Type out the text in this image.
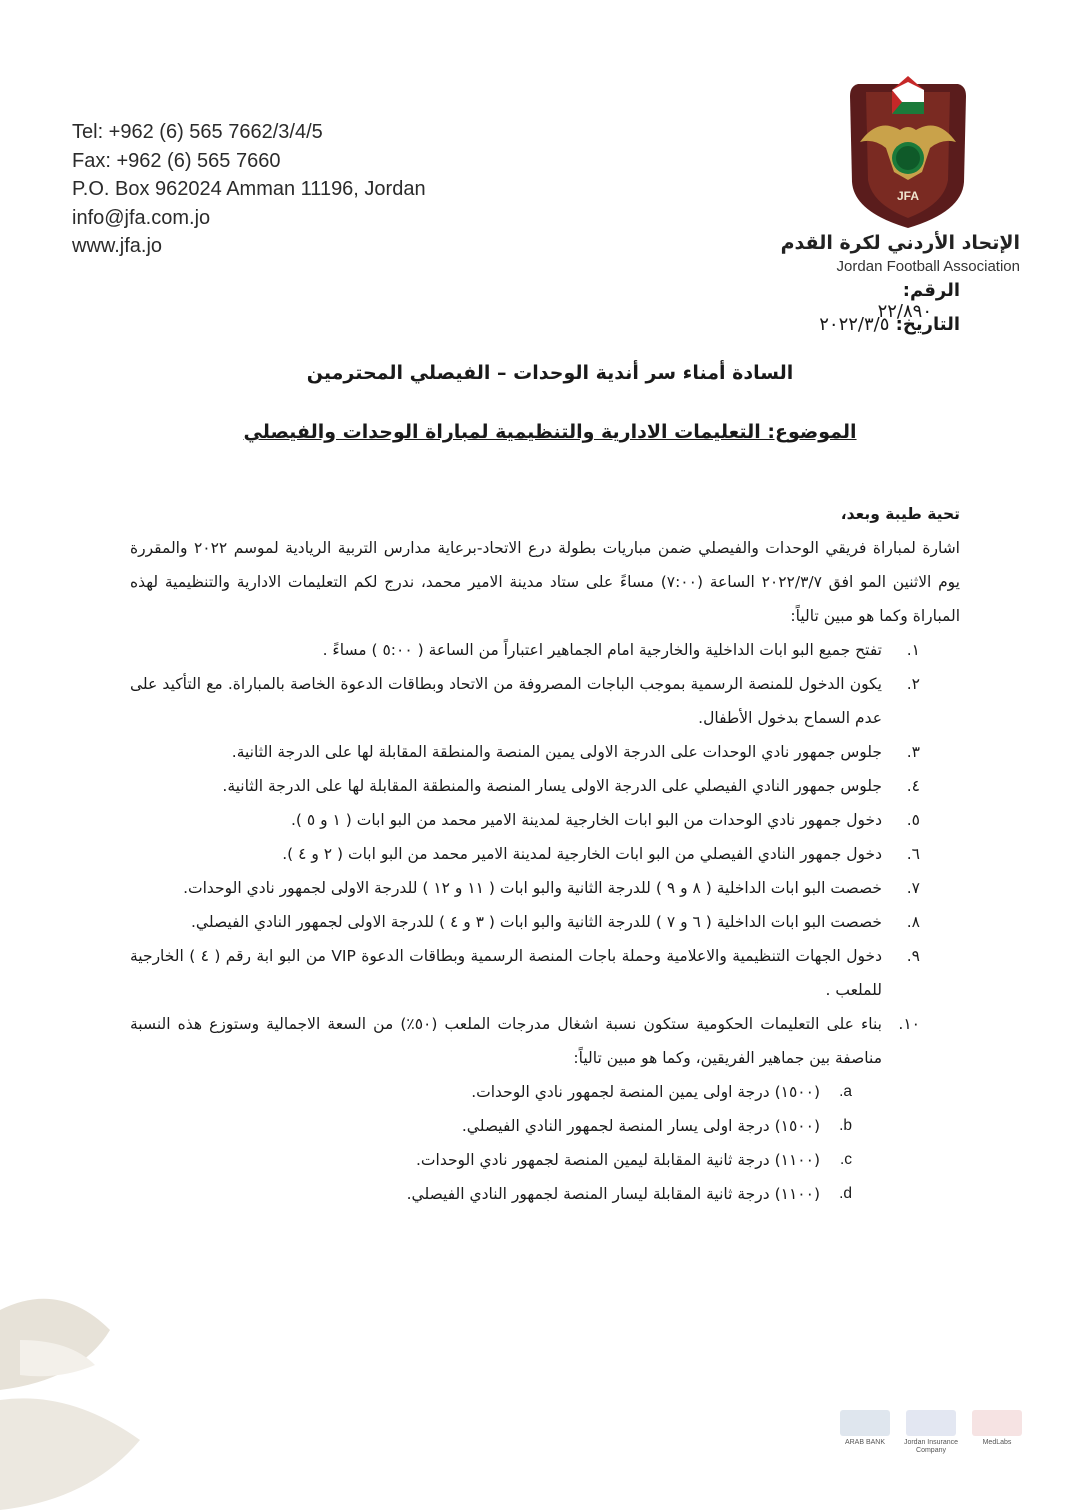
Tel: +962 (6) 565 7662/3/4/5
Fax: +962 (6) 565 7660
P.O. Box 962024 Amman 11196, Jordan
info@jfa.com.jo
www.jfa.jo
JFA
الإتحاد الأردني لكرة القدم
Jordan Football Association
الرقم:
٢٢/٨٩٠
التاريخ: ٢٠٢٢/٣/٥
السادة أمناء سر أندية الوحدات – الفيصلي المحترمين
الموضوع: التعليمات الادارية والتنظيمية لمباراة الوحدات والفيصلي

تحية طيبة وبعد،

اشارة لمباراة فريقي الوحدات والفيصلي ضمن مباريات بطولة درع الاتحاد-برعاية مدارس التربية الريادية لموسم ٢٠٢٢ والمقررة يوم الاثنين المو افق ٢٠٢٢/٣/٧ الساعة (٧:٠٠) مساءً على ستاد مدينة الامير محمد، ندرج لكم التعليمات الادارية والتنظيمية لهذه المباراة وكما هو مبين تالياً:

١.
تفتح جميع البو ابات الداخلية والخارجية امام الجماهير اعتباراً من الساعة ( ٥:٠٠ ) مساءً .
٢.
يكون الدخول للمنصة الرسمية بموجب الباجات المصروفة من الاتحاد وبطاقات الدعوة الخاصة بالمباراة. مع التأكيد على عدم السماح بدخول الأطفال.
٣.
جلوس جمهور نادي الوحدات على الدرجة الاولى يمين المنصة والمنطقة المقابلة لها على الدرجة الثانية.
٤.
جلوس جمهور النادي الفيصلي على الدرجة الاولى يسار المنصة والمنطقة المقابلة لها على الدرجة الثانية.
٥.
دخول جمهور نادي الوحدات من البو ابات الخارجية لمدينة الامير محمد من البو ابات ( ١ و ٥ ).
٦.
دخول جمهور النادي الفيصلي من البو ابات الخارجية لمدينة الامير محمد من البو ابات ( ٢ و ٤ ).
٧.
خصصت البو ابات الداخلية ( ٨ و ٩ ) للدرجة الثانية والبو ابات ( ١١ و ١٢ ) للدرجة الاولى لجمهور نادي الوحدات.
٨.
خصصت البو ابات الداخلية ( ٦ و ٧ ) للدرجة الثانية والبو ابات ( ٣ و ٤ ) للدرجة الاولى لجمهور النادي الفيصلي.
٩.
دخول الجهات التنظيمية والاعلامية وحملة باجات المنصة الرسمية وبطاقات الدعوة VIP من البو ابة رقم ( ٤ ) الخارجية للملعب .
١٠.
بناء على التعليمات الحكومية ستكون نسبة اشغال مدرجات الملعب (٥٠٪) من السعة الاجمالية وستوزع هذه النسبة مناصفة بين جماهير الفريقين، وكما هو مبين تالياً:
a.
(١٥٠٠) درجة اولى يمين المنصة لجمهور نادي الوحدات.
b.
(١٥٠٠) درجة اولى يسار المنصة لجمهور النادي الفيصلي.
c.
(١١٠٠) درجة ثانية المقابلة ليمين المنصة لجمهور نادي الوحدات.
d.
(١١٠٠) درجة ثانية المقابلة ليسار المنصة لجمهور النادي الفيصلي.
ARAB BANK	Jordan Insurance Company
MedLabs
